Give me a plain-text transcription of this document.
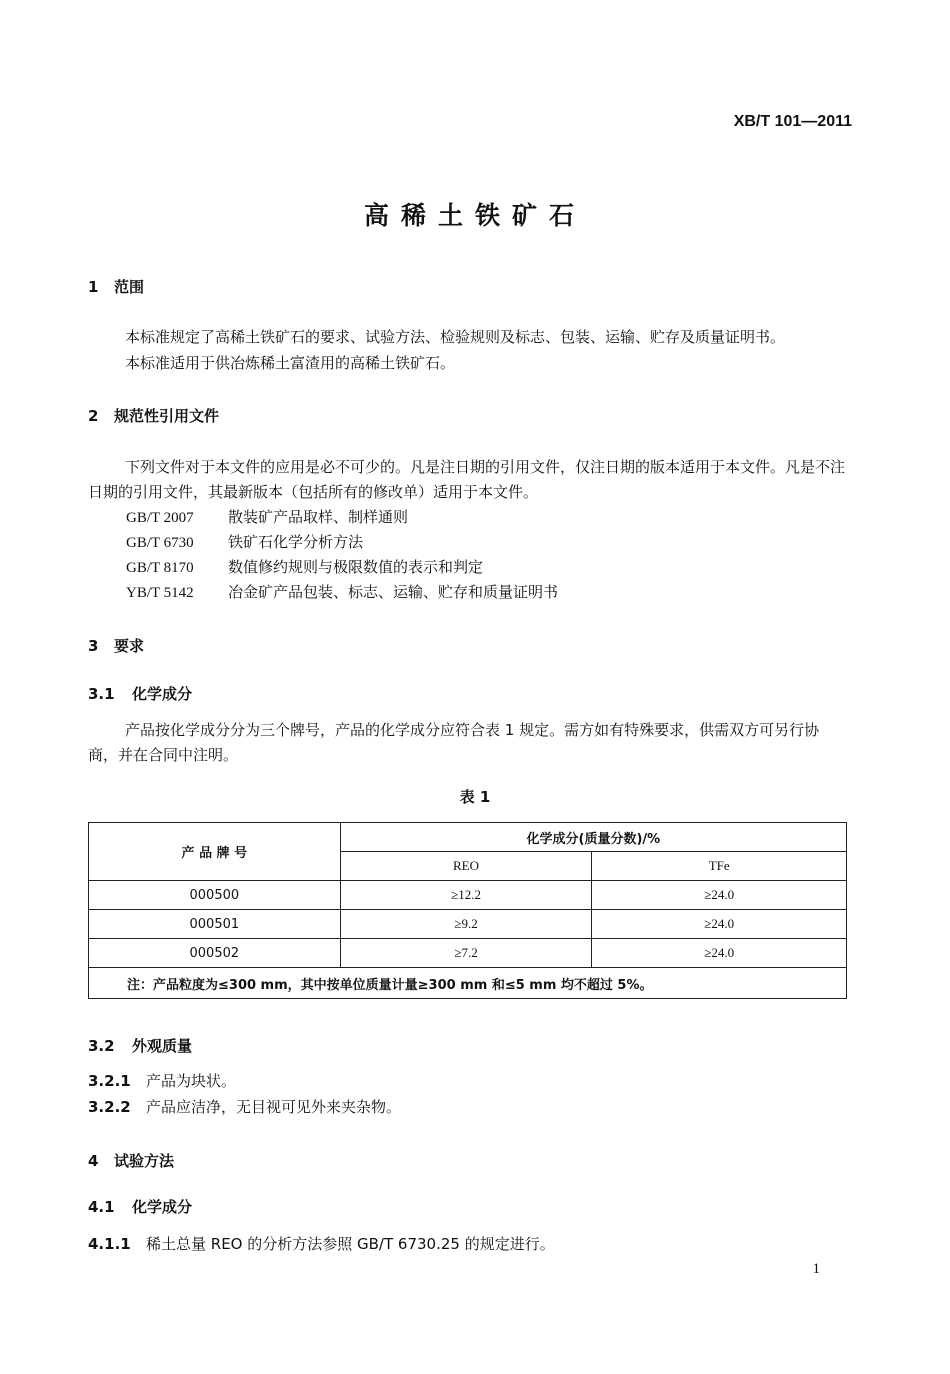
XB/T 101—2011
高稀土铁矿石
1 范围
本标准规定了高稀土铁矿石的要求、试验方法、检验规则及标志、包装、运输、贮存及质量证明书。
本标准适用于供冶炼稀土富渣用的高稀土铁矿石。
2 规范性引用文件
下列文件对于本文件的应用是必不可少的。凡是注日期的引用文件，仅注日期的版本适用于本文件。凡是不注日期的引用文件，其最新版本（包括所有的修改单）适用于本文件。
GB/T 2007 散装矿产品取样、制样通则
GB/T 6730 铁矿石化学分析方法
GB/T 8170 数值修约规则与极限数值的表示和判定
YB/T 5142 冶金矿产品包装、标志、运输、贮存和质量证明书
3 要求
3.1 化学成分
产品按化学成分分为三个牌号，产品的化学成分应符合表 1 规定。需方如有特殊要求，供需双方可另行协商，并在合同中注明。
表 1
产 品 牌 号	化学成分(质量分数)/%	
	REO	TFe
000500	≥12.2	≥24.0
000501	≥9.2	≥24.0
000502	≥7.2	≥24.0
注：产品粒度为≤300 mm，其中按单位质量计量≥300 mm 和≤5 mm 均不超过 5%。		
3.2 外观质量
3.2.1 产品为块状。
3.2.2 产品应洁净，无目视可见外来夹杂物。
4 试验方法
4.1 化学成分
4.1.1 稀土总量 REO 的分析方法参照 GB/T 6730.25 的规定进行。
1
